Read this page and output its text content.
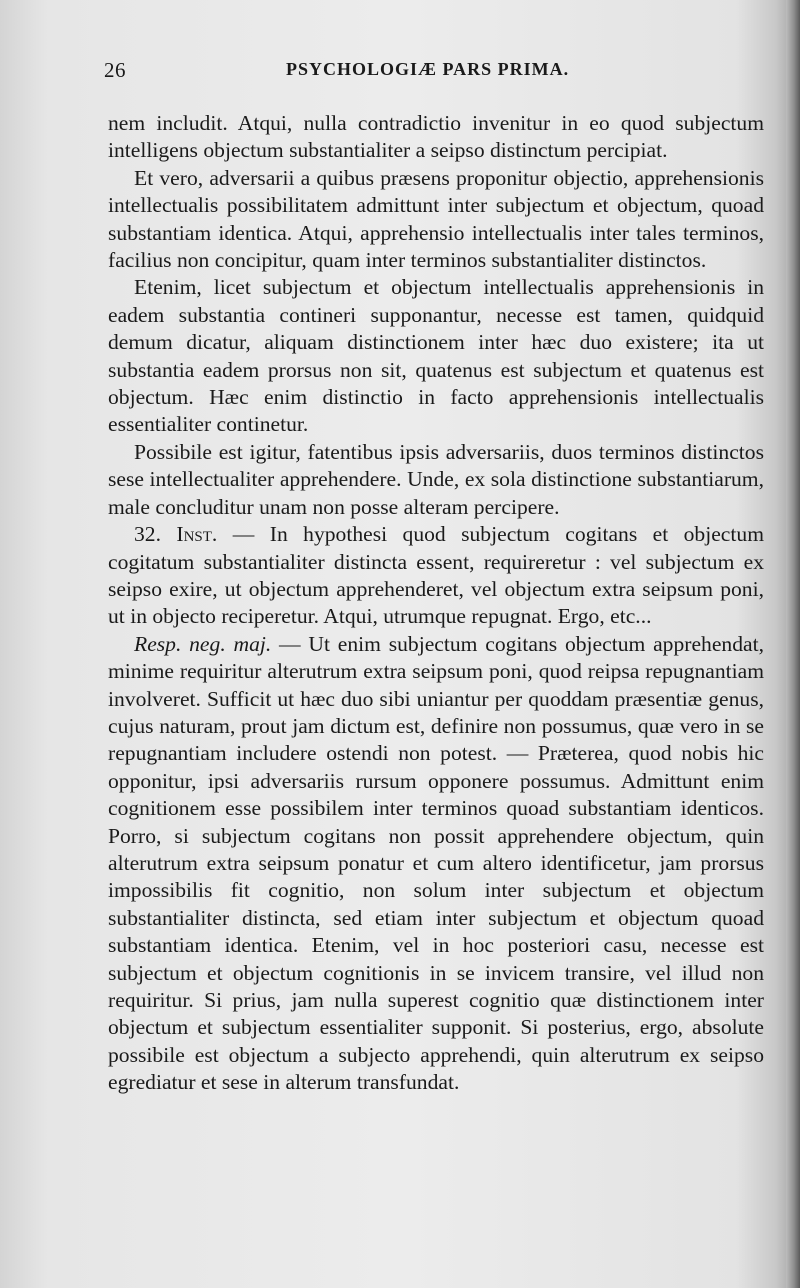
26	PSYCHOLOGIÆ PARS PRIMA.

nem includit. Atqui, nulla contradictio invenitur in eo quod subjectum intelligens objectum substantialiter a seipso distinctum percipiat.

Et vero, adversarii a quibus præsens proponitur objectio, apprehensionis intellectualis possibilitatem admittunt inter subjectum et objectum, quoad substantiam identica. Atqui, apprehensio intellectualis inter tales terminos, facilius non concipitur, quam inter terminos substantialiter distinctos.

Etenim, licet subjectum et objectum intellectualis apprehensionis in eadem substantia contineri supponantur, necesse est tamen, quidquid demum dicatur, aliquam distinctionem inter hæc duo existere; ita ut substantia eadem prorsus non sit, quatenus est subjectum et quatenus est objectum. Hæc enim distinctio in facto apprehensionis intellectualis essentialiter continetur.

Possibile est igitur, fatentibus ipsis adversariis, duos terminos distinctos sese intellectualiter apprehendere. Unde, ex sola distinctione substantiarum, male concluditur unam non posse alteram percipere.

32. Inst. — In hypothesi quod subjectum cogitans et objectum cogitatum substantialiter distincta essent, requireretur : vel subjectum ex seipso exire, ut objectum apprehenderet, vel objectum extra seipsum poni, ut in objecto reciperetur. Atqui, utrumque repugnat. Ergo, etc...

Resp. neg. maj. — Ut enim subjectum cogitans objectum apprehendat, minime requiritur alterutrum extra seipsum poni, quod reipsa repugnantiam involveret. Sufficit ut hæc duo sibi uniantur per quoddam præsentiæ genus, cujus naturam, prout jam dictum est, definire non possumus, quæ vero in se repugnantiam includere ostendi non potest. — Præterea, quod nobis hic opponitur, ipsi adversariis rursum opponere possumus. Admittunt enim cognitionem esse possibilem inter terminos quoad substantiam identicos. Porro, si subjectum cogitans non possit apprehendere objectum, quin alterutrum extra seipsum ponatur et cum altero identificetur, jam prorsus impossibilis fit cognitio, non solum inter subjectum et objectum substantialiter distincta, sed etiam inter subjectum et objectum quoad substantiam identica. Etenim, vel in hoc posteriori casu, necesse est subjectum et objectum cognitionis in se invicem transire, vel illud non requiritur. Si prius, jam nulla superest cognitio quæ distinctionem inter objectum et subjectum essentialiter supponit. Si posterius, ergo, absolute possibile est objectum a subjecto apprehendi, quin alterutrum ex seipso egrediatur et sese in alterum transfundat.
